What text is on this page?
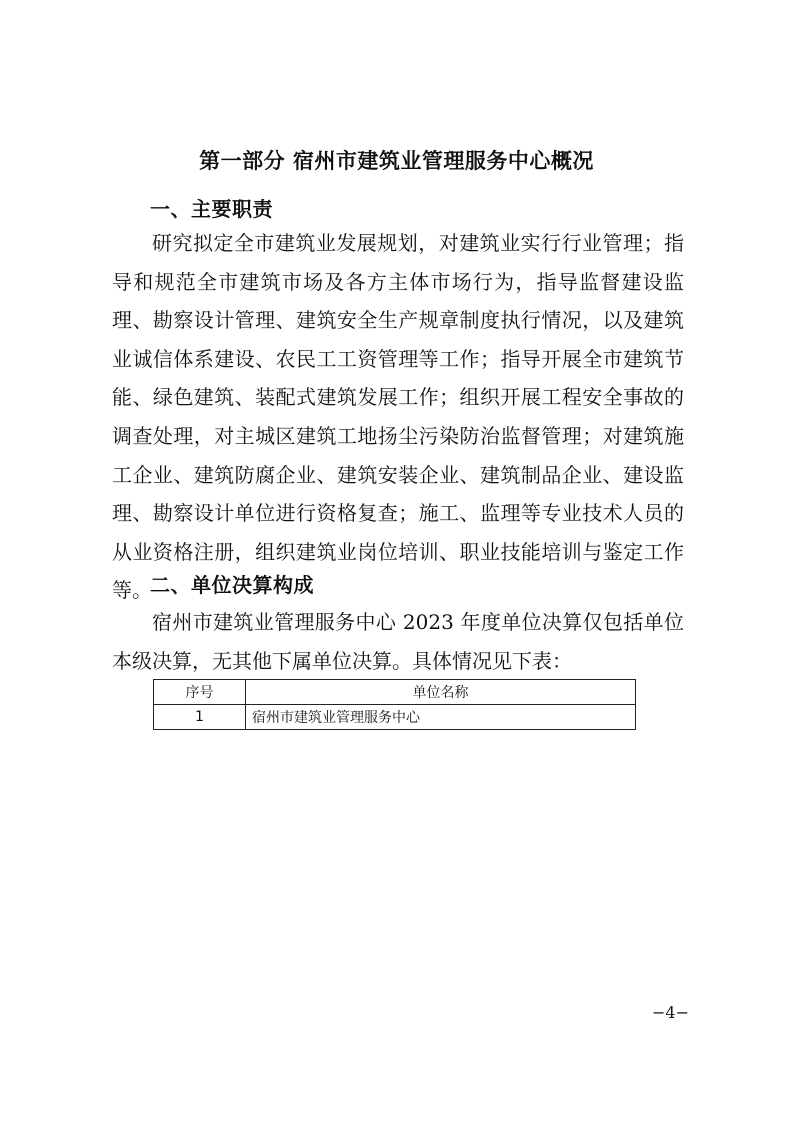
第一部分 宿州市建筑业管理服务中心概况
一、主要职责

研究拟定全市建筑业发展规划，对建筑业实行行业管理；指导和规范全市建筑市场及各方主体市场行为，指导监督建设监理、勘察设计管理、建筑安全生产规章制度执行情况，以及建筑业诚信体系建设、农民工工资管理等工作；指导开展全市建筑节能、绿色建筑、装配式建筑发展工作；组织开展工程安全事故的调查处理，对主城区建筑工地扬尘污染防治监督管理；对建筑施工企业、建筑防腐企业、建筑安装企业、建筑制品企业、建设监理、勘察设计单位进行资格复查；施工、监理等专业技术人员的从业资格注册，组织建筑业岗位培训、职业技能培训与鉴定工作等。

二、单位决算构成

宿州市建筑业管理服务中心 2023 年度单位决算仅包括单位本级决算，无其他下属单位决算。具体情况见下表：

序号	单位名称
1	宿州市建筑业管理服务中心
−4−
